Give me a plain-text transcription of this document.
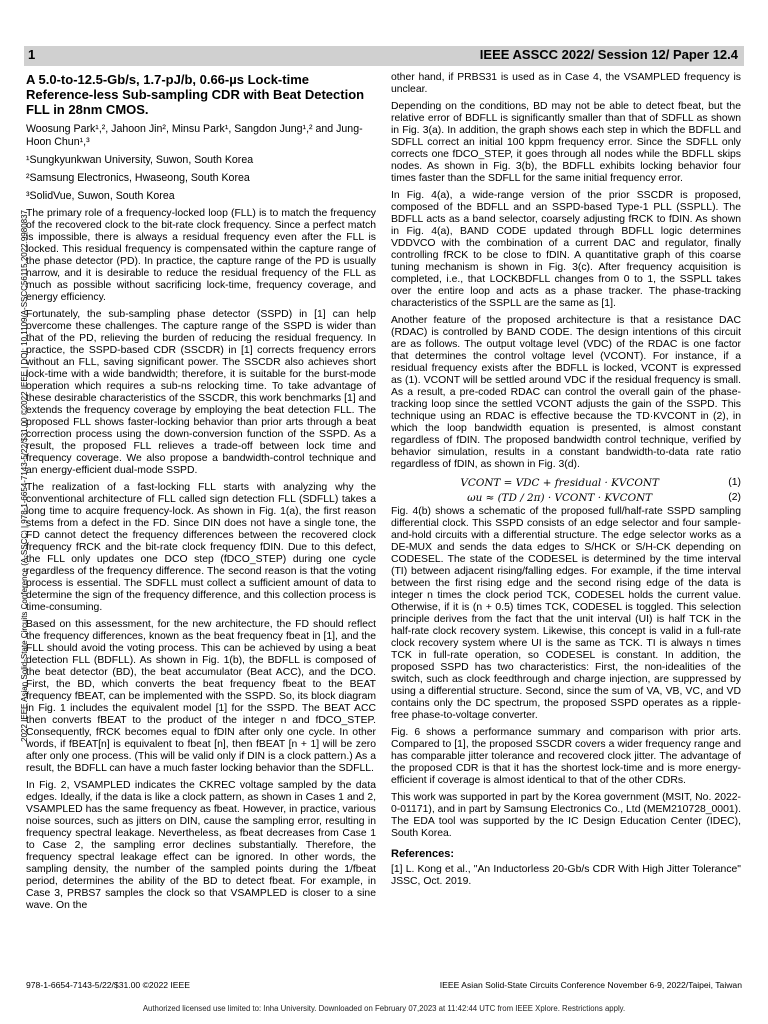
1	IEEE ASSCC 2022/ Session 12/ Paper 12.4
2022 IEEE Asian Solid-State Circuits Conference (A-SSCC) | 978-1-6654-7143-5/22/$31.00 ©2022 IEEE | DOI: 10.1109/A-SSCC56115.2022.9980837
A 5.0-to-12.5-Gb/s, 1.7-pJ/b, 0.66-µs Lock-time Reference-less Sub-sampling CDR with Beat Detection FLL in 28nm CMOS.
Woosung Park¹,², Jahoon Jin², Minsu Park¹, Sangdon Jung¹,² and Jung-Hoon Chun¹,³
¹Sungkyunkwan University, Suwon, South Korea
²Samsung Electronics, Hwaseong, South Korea
³SolidVue, Suwon, South Korea

The primary role of a frequency-locked loop (FLL) is to match the frequency of the recovered clock to the bit-rate clock frequency. Since a perfect match is impossible, there is always a residual frequency even after the FLL is locked. This residual frequency is compensated within the capture range of the phase detector (PD). In practice, the capture range of the PD is usually narrow, and it is desirable to reduce the residual frequency of the FLL as much as possible without sacrificing lock-time, frequency coverage, and energy efficiency.

Fortunately, the sub-sampling phase detector (SSPD) in [1] can help overcome these challenges. The capture range of the SSPD is wider than that of the PD, relieving the burden of reducing the residual frequency. In practice, the SSPD-based CDR (SSCDR) in [1] corrects frequency errors without an FLL, saving significant power. The SSCDR also achieves short lock-time with a wide bandwidth; therefore, it is suitable for the burst-mode operation which requires a sub-ns relocking time. To take advantage of these desirable characteristics of the SSCDR, this work benchmarks [1] and extends the frequency coverage by employing the beat detection FLL. The proposed FLL shows faster-locking behavior than prior arts through a beat correction process using the down-conversion function of the SSPD. As a result, the proposed FLL relieves a trade-off between lock time and frequency coverage. We also propose a bandwidth-control technique and an energy-efficient dual-mode SSPD.

The realization of a fast-locking FLL starts with analyzing why the conventional architecture of FLL called sign detection FLL (SDFLL) takes a long time to acquire frequency-lock. As shown in Fig. 1(a), the first reason stems from a defect in the FD. Since DIN does not have a single tone, the FD cannot detect the frequency differences between the recovered clock frequency fRCK and the bit-rate clock frequency fDIN. Due to this defect, the FLL only updates one DCO step (fDCO_STEP) during one cycle regardless of the frequency difference. The second reason is that the voting process is essential. The SDFLL must collect a sufficient amount of data to determine the sign of the frequency difference, and this collection process is time-consuming.

Based on this assessment, for the new architecture, the FD should reflect the frequency differences, known as the beat frequency fbeat in [1], and the FLL should avoid the voting process. This can be achieved by using a beat detection FLL (BDFLL). As shown in Fig. 1(b), the BDFLL is composed of the beat detector (BD), the beat accumulator (Beat ACC), and the DCO. First, the BD, which converts the beat frequency fbeat to the BEAT frequency fBEAT, can be implemented with the SSPD. So, its block diagram in Fig. 1 includes the equivalent model [1] for the SSPD. The BEAT ACC then converts fBEAT to the product of the integer n and fDCO_STEP. Consequently, fRCK becomes equal to fDIN after only one cycle. In other words, if fBEAT[n] is equivalent to fbeat [n], then fBEAT [n + 1] will be zero after only one process. (This will be valid only if DIN is a clock pattern.) As a result, the BDFLL can have a much faster locking behavior than the SDFLL.

In Fig. 2, VSAMPLED indicates the CKREC voltage sampled by the data edges. Ideally, if the data is like a clock pattern, as shown in Cases 1 and 2, VSAMPLED has the same frequency as fbeat. However, in practice, various noise sources, such as jitters on DIN, cause the sampling error, resulting in frequency spectral leakage. Nevertheless, as fbeat decreases from Case 1 to Case 2, the sampling error declines substantially. Therefore, the frequency spectral leakage effect can be ignored. In other words, the sampling density, the number of the sampled points during the 1/fbeat period, determines the ability of the BD to detect fbeat. For example, in Case 3, PRBS7 samples the clock so that VSAMPLED is closer to a sine wave. On the

other hand, if PRBS31 is used as in Case 4, the VSAMPLED frequency is unclear.

Depending on the conditions, BD may not be able to detect fbeat, but the relative error of BDFLL is significantly smaller than that of SDFLL as shown in Fig. 3(a). In addition, the graph shows each step in which the BDFLL and SDFLL correct an initial 100 kppm frequency error. Since the SDFLL only corrects one fDCO_STEP, it goes through all nodes while the BDFLL skips nodes. As shown in Fig. 3(b), the BDFLL exhibits locking behavior four times faster than the SDFLL for the same initial frequency error.

In Fig. 4(a), a wide-range version of the prior SSCDR is proposed, composed of the BDFLL and an SSPD-based Type-1 PLL (SSPLL). The BDFLL acts as a band selector, coarsely adjusting fRCK to fDIN. As shown in Fig. 4(a), BAND CODE updated through BDFLL logic determines VDDVCO with the combination of a current DAC and regulator, finally controlling fRCK to be close to fDIN. A quantitative graph of this coarse tuning mechanism is shown in Fig. 3(c). After frequency acquisition is completed, i.e., that LOCKBDFLL changes from 0 to 1, the SSPLL takes over the entire loop and acts as a phase tracker. The phase-tracking characteristics of the SSPLL are the same as [1].

Another feature of the proposed architecture is that a resistance DAC (RDAC) is controlled by BAND CODE. The design intentions of this circuit are as follows. The output voltage level (VDC) of the RDAC is one factor that determines the control voltage level (VCONT). For instance, if a residual frequency exists after the BDFLL is locked, VCONT is expressed as (1). VCONT will be settled around VDC if the residual frequency is small. As a result, a pre-coded RDAC can control the overall gain of the phase-tracking loop since the settled VCONT adjusts the gain of the SSPD. This technique using an RDAC is effective because the TD·KVCONT in (2), in which the loop bandwidth equation is presented, is almost constant regardless of fDIN. The proposed bandwidth control technique, verified by behavior simulation, results in a constant bandwidth-to-data rate ratio regardless of fDIN, as shown in Fig. 3(d).

VCONT = VDC + fresidual · KVCONT	(1)
ωu ≈ (TD / 2π) · VCONT · KVCONT	(2)

Fig. 4(b) shows a schematic of the proposed full/half-rate SSPD sampling differential clock. This SSPD consists of an edge selector and four sample-and-hold circuits with a differential structure. The edge selector works as a DE-MUX and sends the data edges to S/HCK or S/H-CK depending on CODESEL. The state of the CODESEL is determined by the time interval (TI) between adjacent rising/falling edges. For example, if the time interval between the first rising edge and the second rising edge of the data is integer n times the clock period TCK, CODESEL holds the current value. Otherwise, if it is (n + 0.5) times TCK, CODESEL is toggled. This selection principle derives from the fact that the unit interval (UI) is half TCK in the half-rate clock recovery system. Likewise, this concept is valid in a full-rate clock recovery system where UI is the same as TCK. TI is always n times TCK in full-rate operation, so CODESEL is constant. In addition, the proposed SSPD has two characteristics: First, the non-idealities of the switch, such as clock feedthrough and charge injection, are suppressed by using a differential structure. Second, since the sum of VA, VB, VC, and VD contains only the DC spectrum, the proposed SSPD operates as a ripple-free phase-to-voltage converter.

Fig. 6 shows a performance summary and comparison with prior arts. Compared to [1], the proposed SSCDR covers a wider frequency range and has comparable jitter tolerance and recovered clock jitter. The advantage of the proposed CDR is that it has the shortest lock-time and is more energy-efficient if coverage is almost identical to that of the other CDRs.

This work was supported in part by the Korea government (MSIT, No. 2022-0-01171), and in part by Samsung Electronics Co., Ltd (MEM210728_0001). The EDA tool was supported by the IC Design Education Center (IDEC), South Korea.

References:

[1] L. Kong et al., "An Inductorless 20-Gb/s CDR With High Jitter Tolerance" JSSC, Oct. 2019.

978-1-6654-7143-5/22/$31.00 ©2022 IEEE	IEEE Asian Solid-State Circuits Conference November 6-9, 2022/Taipei, Taiwan
Authorized licensed use limited to: Inha University. Downloaded on February 07,2023 at 11:42:44 UTC from IEEE Xplore. Restrictions apply.
